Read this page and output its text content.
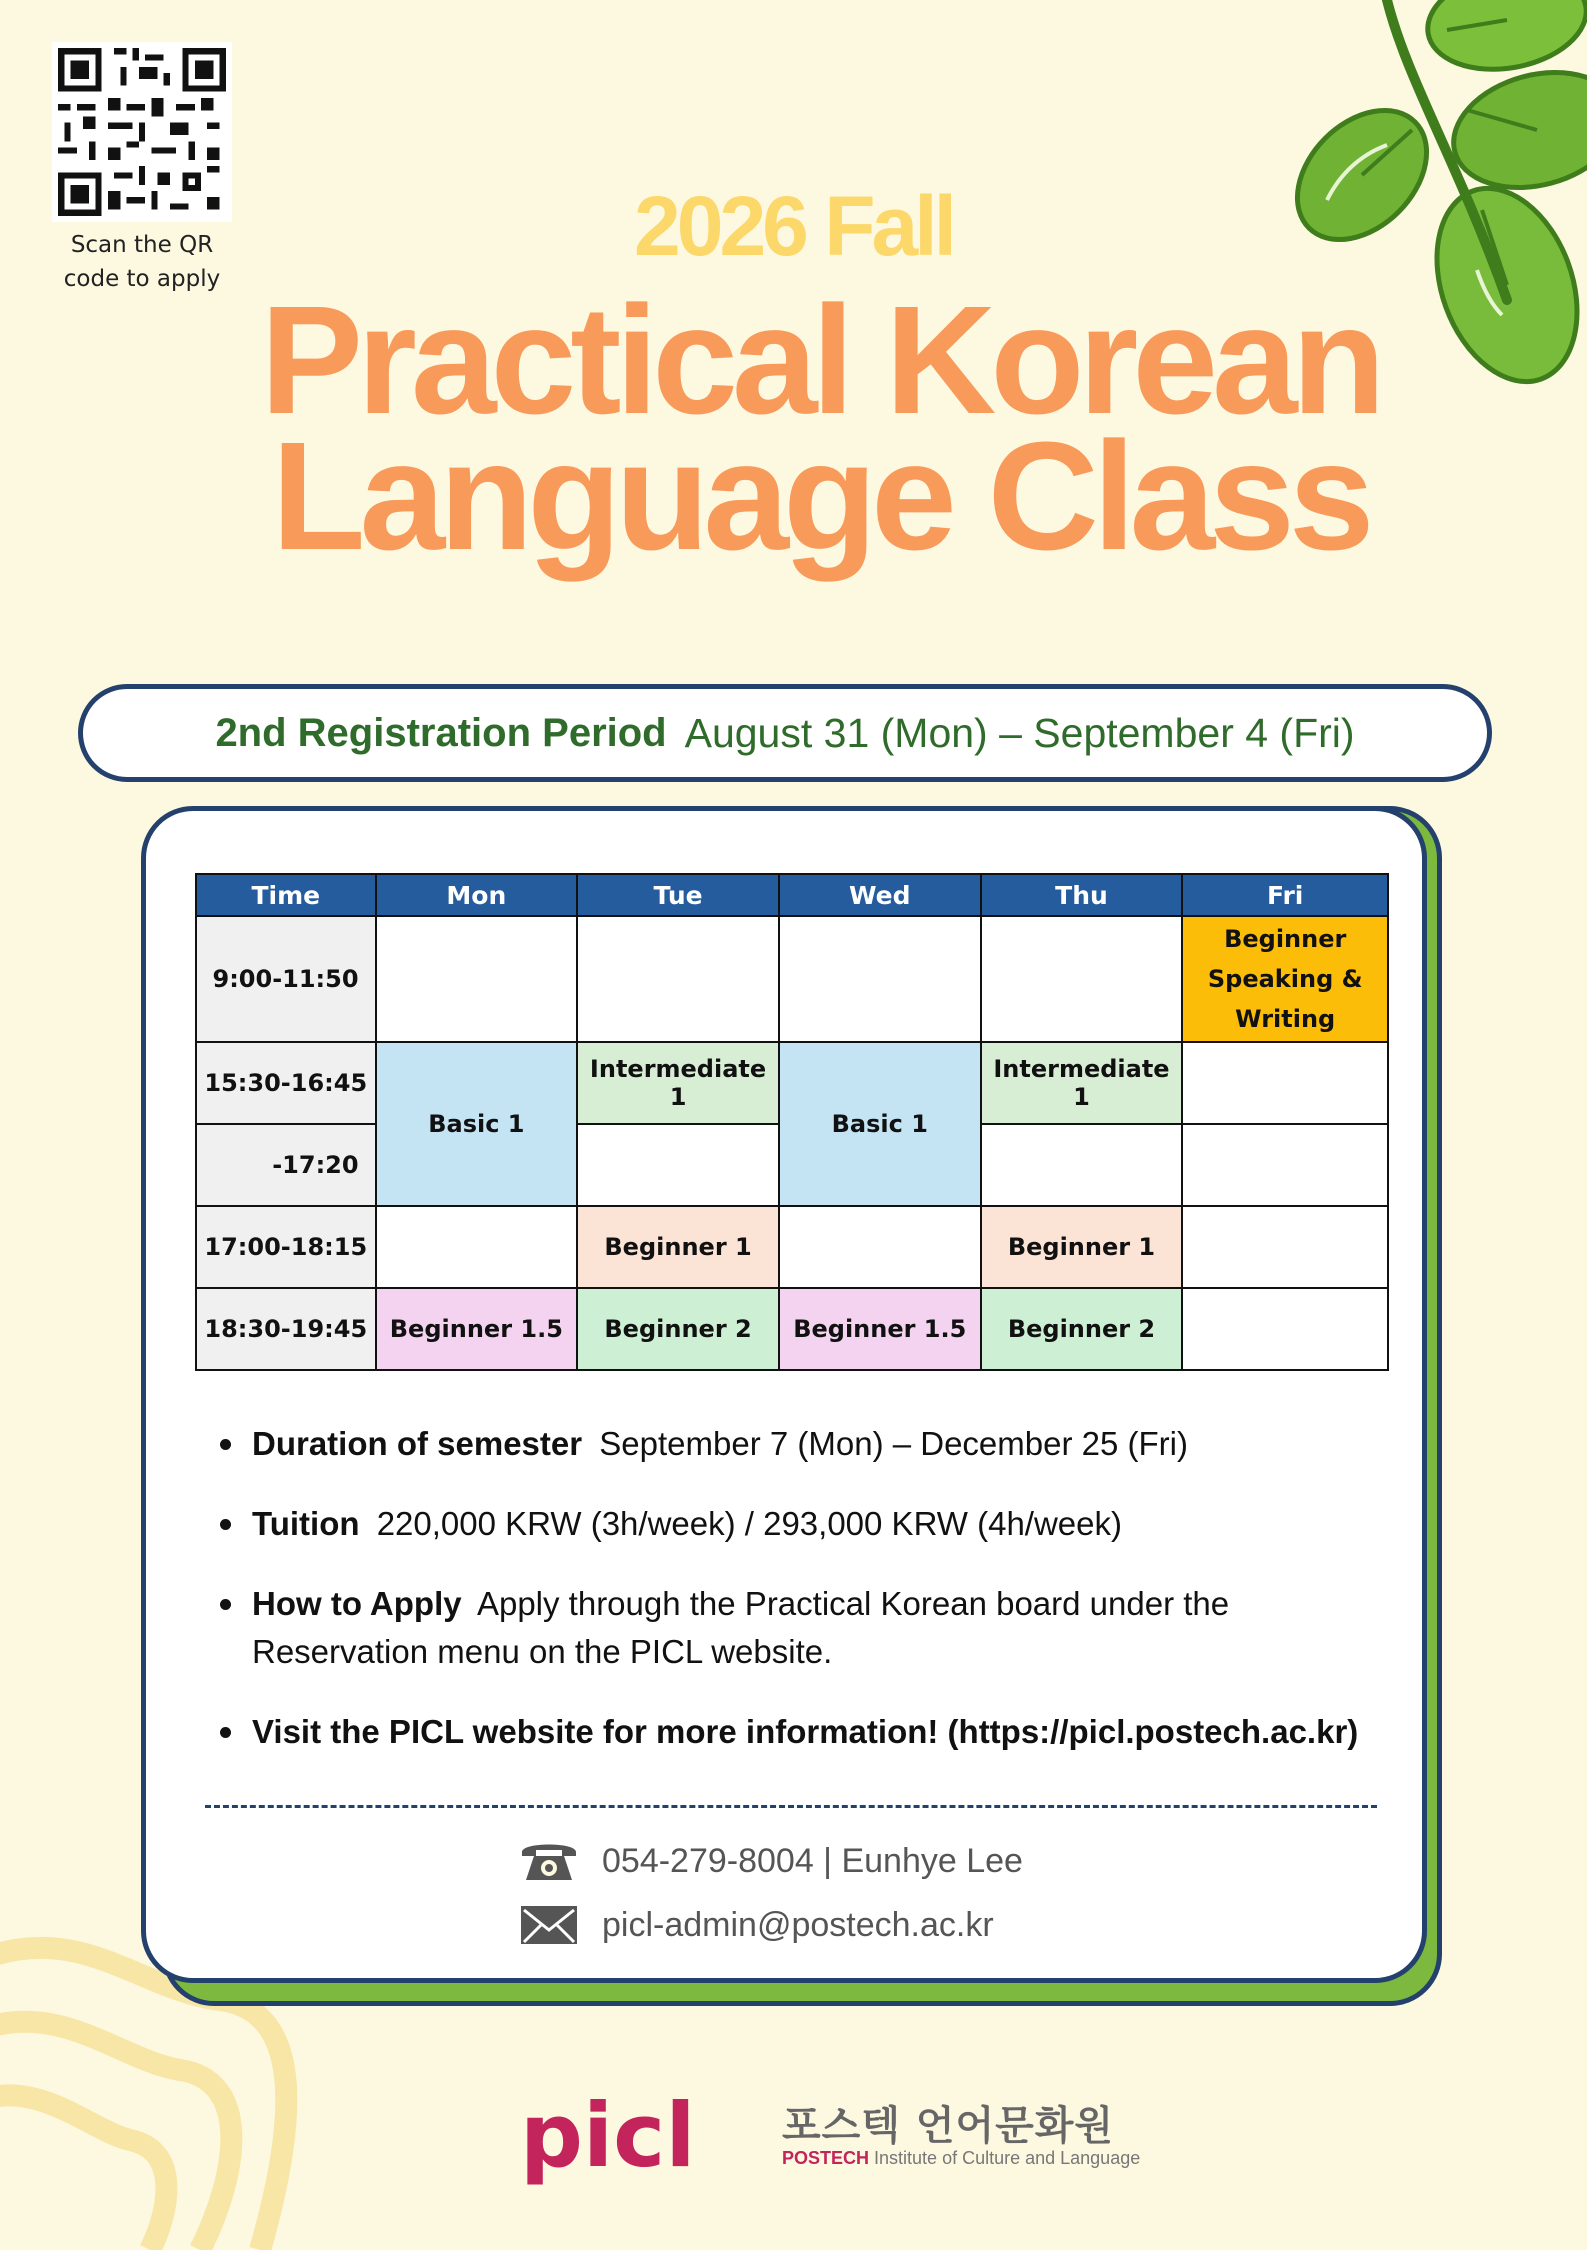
Scan the QR code to apply
2026 Fall
Practical Korean
Language Class
2nd Registration Period August 31 (Mon) – September 4 (Fri)
Time	Mon	Tue	Wed	Thu	Fri
9:00-11:50					Beginner Speaking & Writing
15:30-16:45	Basic 1	Intermediate 1	Basic 1	Intermediate 1	
-17:20					
17:00-18:15		Beginner 1		Beginner 1	
18:30-19:45	Beginner 1.5	Beginner 2	Beginner 1.5	Beginner 2	
Duration of semester September 7 (Mon) – December 25 (Fri)
Tuition 220,000 KRW (3h/week) / 293,000 KRW (4h/week)
How to Apply Apply through the Practical Korean board under the Reservation menu on the PICL website.
Visit the PICL website for more information! (https://picl.postech.ac.kr)
054-279-8004 | Eunhye Lee
picl-admin@postech.ac.kr
picl 포스텍 언어문화원
POSTECH Institute of Culture and Language
